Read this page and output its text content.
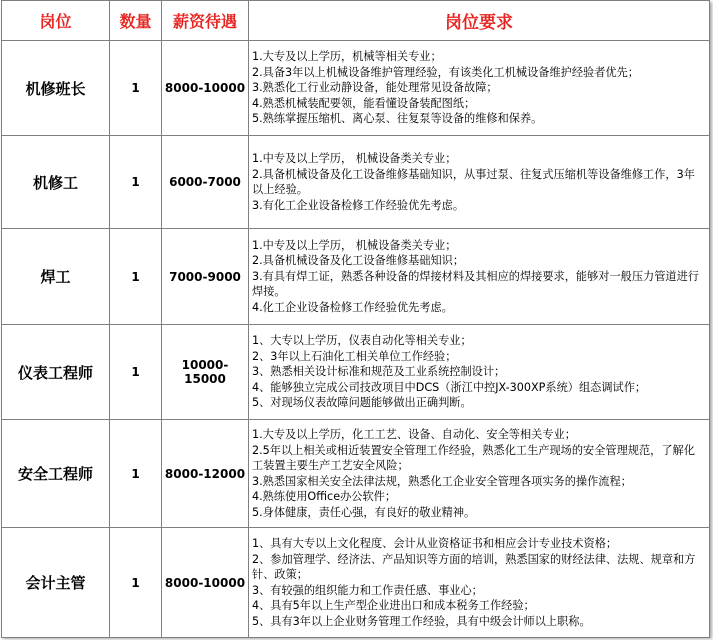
岗位	数量	薪资待遇	岗位要求
机修班长	1	8000-10000	1.大专及以上学历，机械等相关专业；
2.具备3年以上机械设备维护管理经验，有该类化工机械设备维护经验者优先；
3.熟悉化工行业动静设备，能处理常见设备故障；
4.熟悉机械装配要领，能看懂设备装配图纸；
5.熟练掌握压缩机、离心泵、往复泵等设备的维修和保养。

机修工	1	6000-7000	1.中专及以上学历， 机械设备类关专业；
2.具备机械设备及化工设备维修基础知识，从事过泵、往复式压缩机等设备维修工作，3年以上经验。
3.有化工企业设备检修工作经验优先考虑。

焊工	1	7000-9000	1.中专及以上学历， 机械设备类关专业；
2.具备机械设备及化工设备维修基础知识；
3.有具有焊工证，熟悉各种设备的焊接材料及其相应的焊接要求，能够对一般压力管道进行焊接。
4.化工企业设备检修工作经验优先考虑。

仪表工程师	1	10000-15000	1、大专以上学历，仪表自动化等相关专业；
2、3年以上石油化工相关单位工作经验；
3、熟悉相关设计标准和规范及工业系统控制设计；
4、能够独立完成公司技改项目中DCS（浙江中控JX-300XP系统）组态调试作；
5、对现场仪表故障问题能够做出正确判断。

安全工程师	1	8000-12000	1.大专及以上学历，化工工艺、设备、自动化、安全等相关专业；
2.5年以上相关或相近装置安全管理工作经验，熟悉化工生产现场的安全管理规范，了解化工装置主要生产工艺安全风险；
3.熟悉国家相关安全法律法规，熟悉化工企业安全管理各项实务的操作流程；
4.熟练使用Office办公软件；
5.身体健康，责任心强，有良好的敬业精神。

会计主管	1	8000-10000	1、具有大专以上文化程度、会计从业资格证书和相应会计专业技术资格；
2、参加管理学、经济法、产品知识等方面的培训，熟悉国家的财经法律、法规、规章和方针、政策；
3、有较强的组织能力和工作责任感、事业心；
4、具有5年以上生产型企业进出口和成本税务工作经验；
5、具有3年以上企业财务管理工作经验，具有中级会计师以上职称。
